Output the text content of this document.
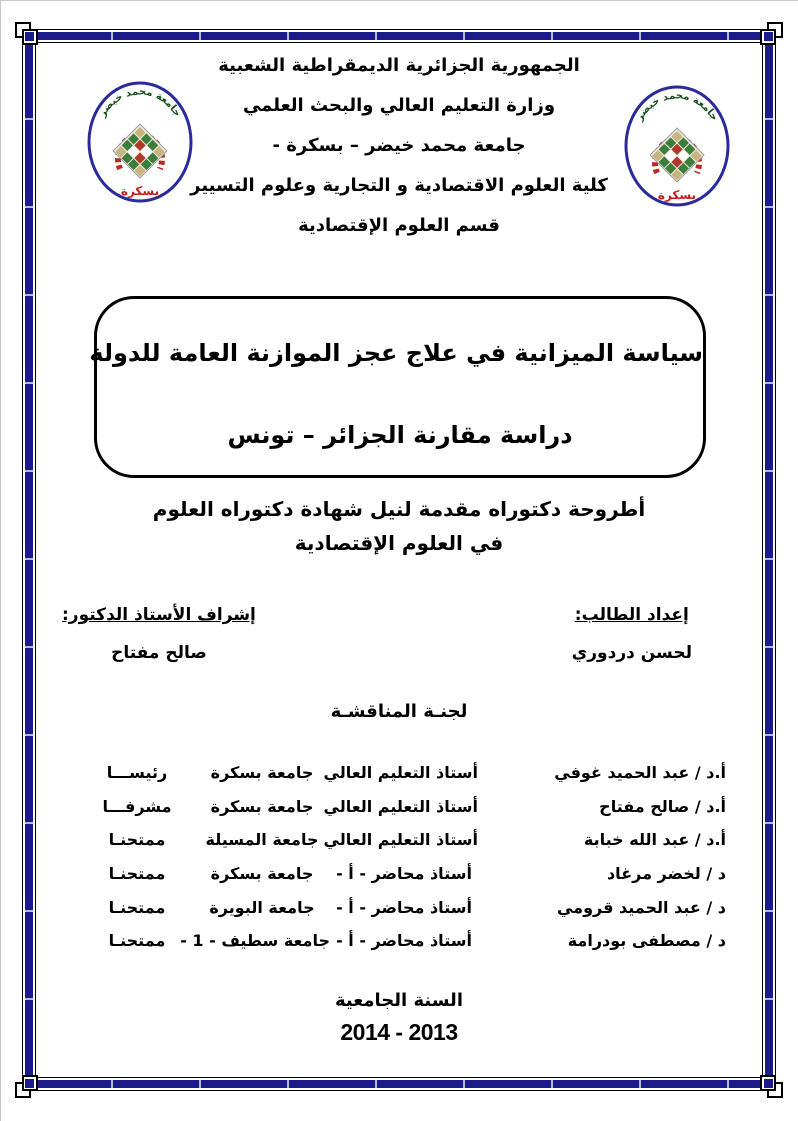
الجمهورية الجزائرية الديمقراطية الشعبية
وزارة التعليم العالي والبحث العلمي
جامعة محمد خيضر – بسكرة -
كلية العلوم الاقتصادية و التجارية وعلوم التسيير
قسم العلوم الإقتصادية
سياسة الميزانية في علاج عجز الموازنة العامة للدولة
دراسة مقارنة الجزائر – تونس
أطروحة دكتوراه مقدمة لنيل شهادة دكتوراه العلوم
في العلوم الإقتصادية
إعداد الطالب:
لحسن دردوري
إشراف الأستاذ الدكتور:
صالح مفتاح
لجنـة المناقشـة
أ.د / عبد الحميد غوفي
أستاذ التعليم العالي
جامعة بسكرة
رئيســـا
أ.د / صالح مفتاح
أستاذ التعليم العالي
جامعة بسكرة
مشرفـــا
أ.د / عبد الله خبابة
أستاذ التعليم العالي
جامعة المسيلة
ممتحنـا
د / لخضر مرغاد
أستاذ محاضر - أ -
جامعة بسكرة
ممتحنـا
د / عبد الحميد قرومي
أستاذ محاضر - أ -
جامعة البويرة
ممتحنـا
د / مصطفى بودرامة
أستاذ محاضر - أ -
جامعة سطيف - 1 -
ممتحنـا
السنة الجامعية
2014 - 2013
